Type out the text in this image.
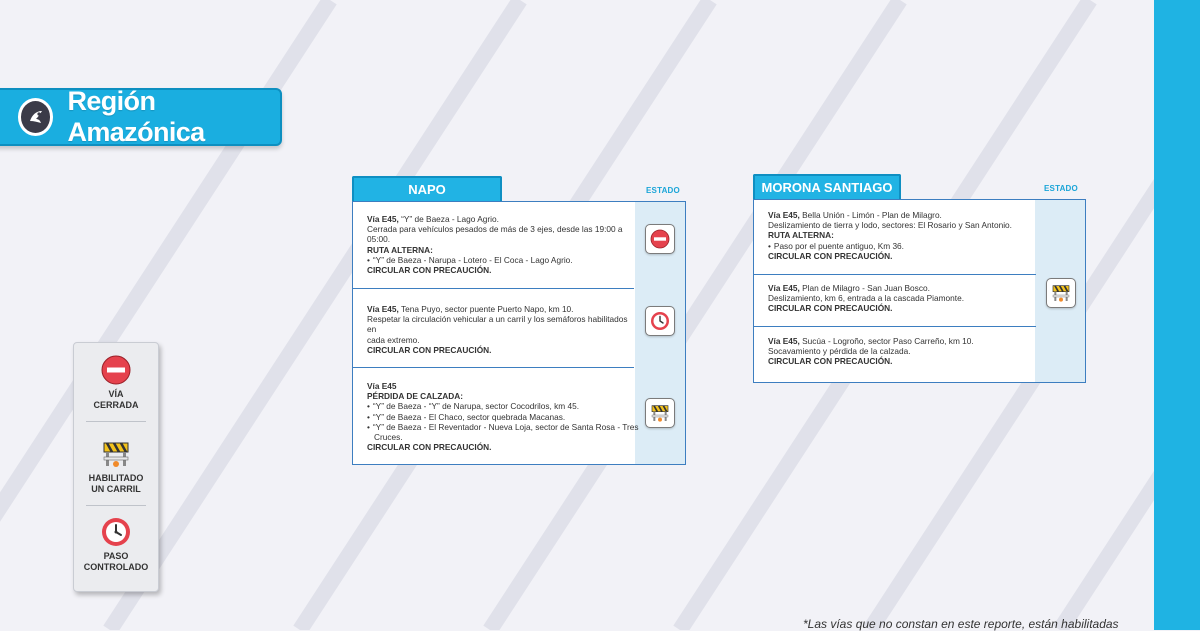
Región Amazónica
VÍA
CERRADA
HABILITADO
UN CARRIL
PASO
CONTROLADO
NAPO	ESTADO
Vía E45, “Y” de Baeza - Lago Agrio.
Cerrada para vehículos pesados de más de 3 ejes, desde las 19:00 a 05:00.
RUTA ALTERNA:
• “Y” de Baeza - Narupa - Lotero - El Coca - Lago Agrio.
CIRCULAR CON PRECAUCIÓN.
Vía E45, Tena Puyo, sector puente Puerto Napo, km 10.
Respetar la circulación vehicular a un carril y los semáforos habilitados en
cada extremo.
CIRCULAR CON PRECAUCIÓN.
Vía E45
PÉRDIDA DE CALZADA:
• “Y” de Baeza - “Y” de Narupa, sector Cocodrilos, km 45.
• “Y” de Baeza - El Chaco, sector quebrada Macanas.
• “Y” de Baeza - El Reventador - Nueva Loja, sector de Santa Rosa - Tres Cruces.
CIRCULAR CON PRECAUCIÓN.
MORONA SANTIAGO	ESTADO
Vía E45, Bella Unión - Limón - Plan de Milagro.
Deslizamiento de tierra y lodo, sectores: El Rosario y San Antonio.
RUTA ALTERNA:
• Paso por el puente antiguo, Km 36.
CIRCULAR CON PRECAUCIÓN.
Vía E45, Plan de Milagro - San Juan Bosco.
Deslizamiento, km 6, entrada a la cascada Piamonte.
CIRCULAR CON PRECAUCIÓN.
Vía E45, Sucúa - Logroño, sector Paso Carreño, km 10.
Socavamiento y pérdida de la calzada.
CIRCULAR CON PRECAUCIÓN.
*Las vías que no constan en este reporte, están habilitadas
